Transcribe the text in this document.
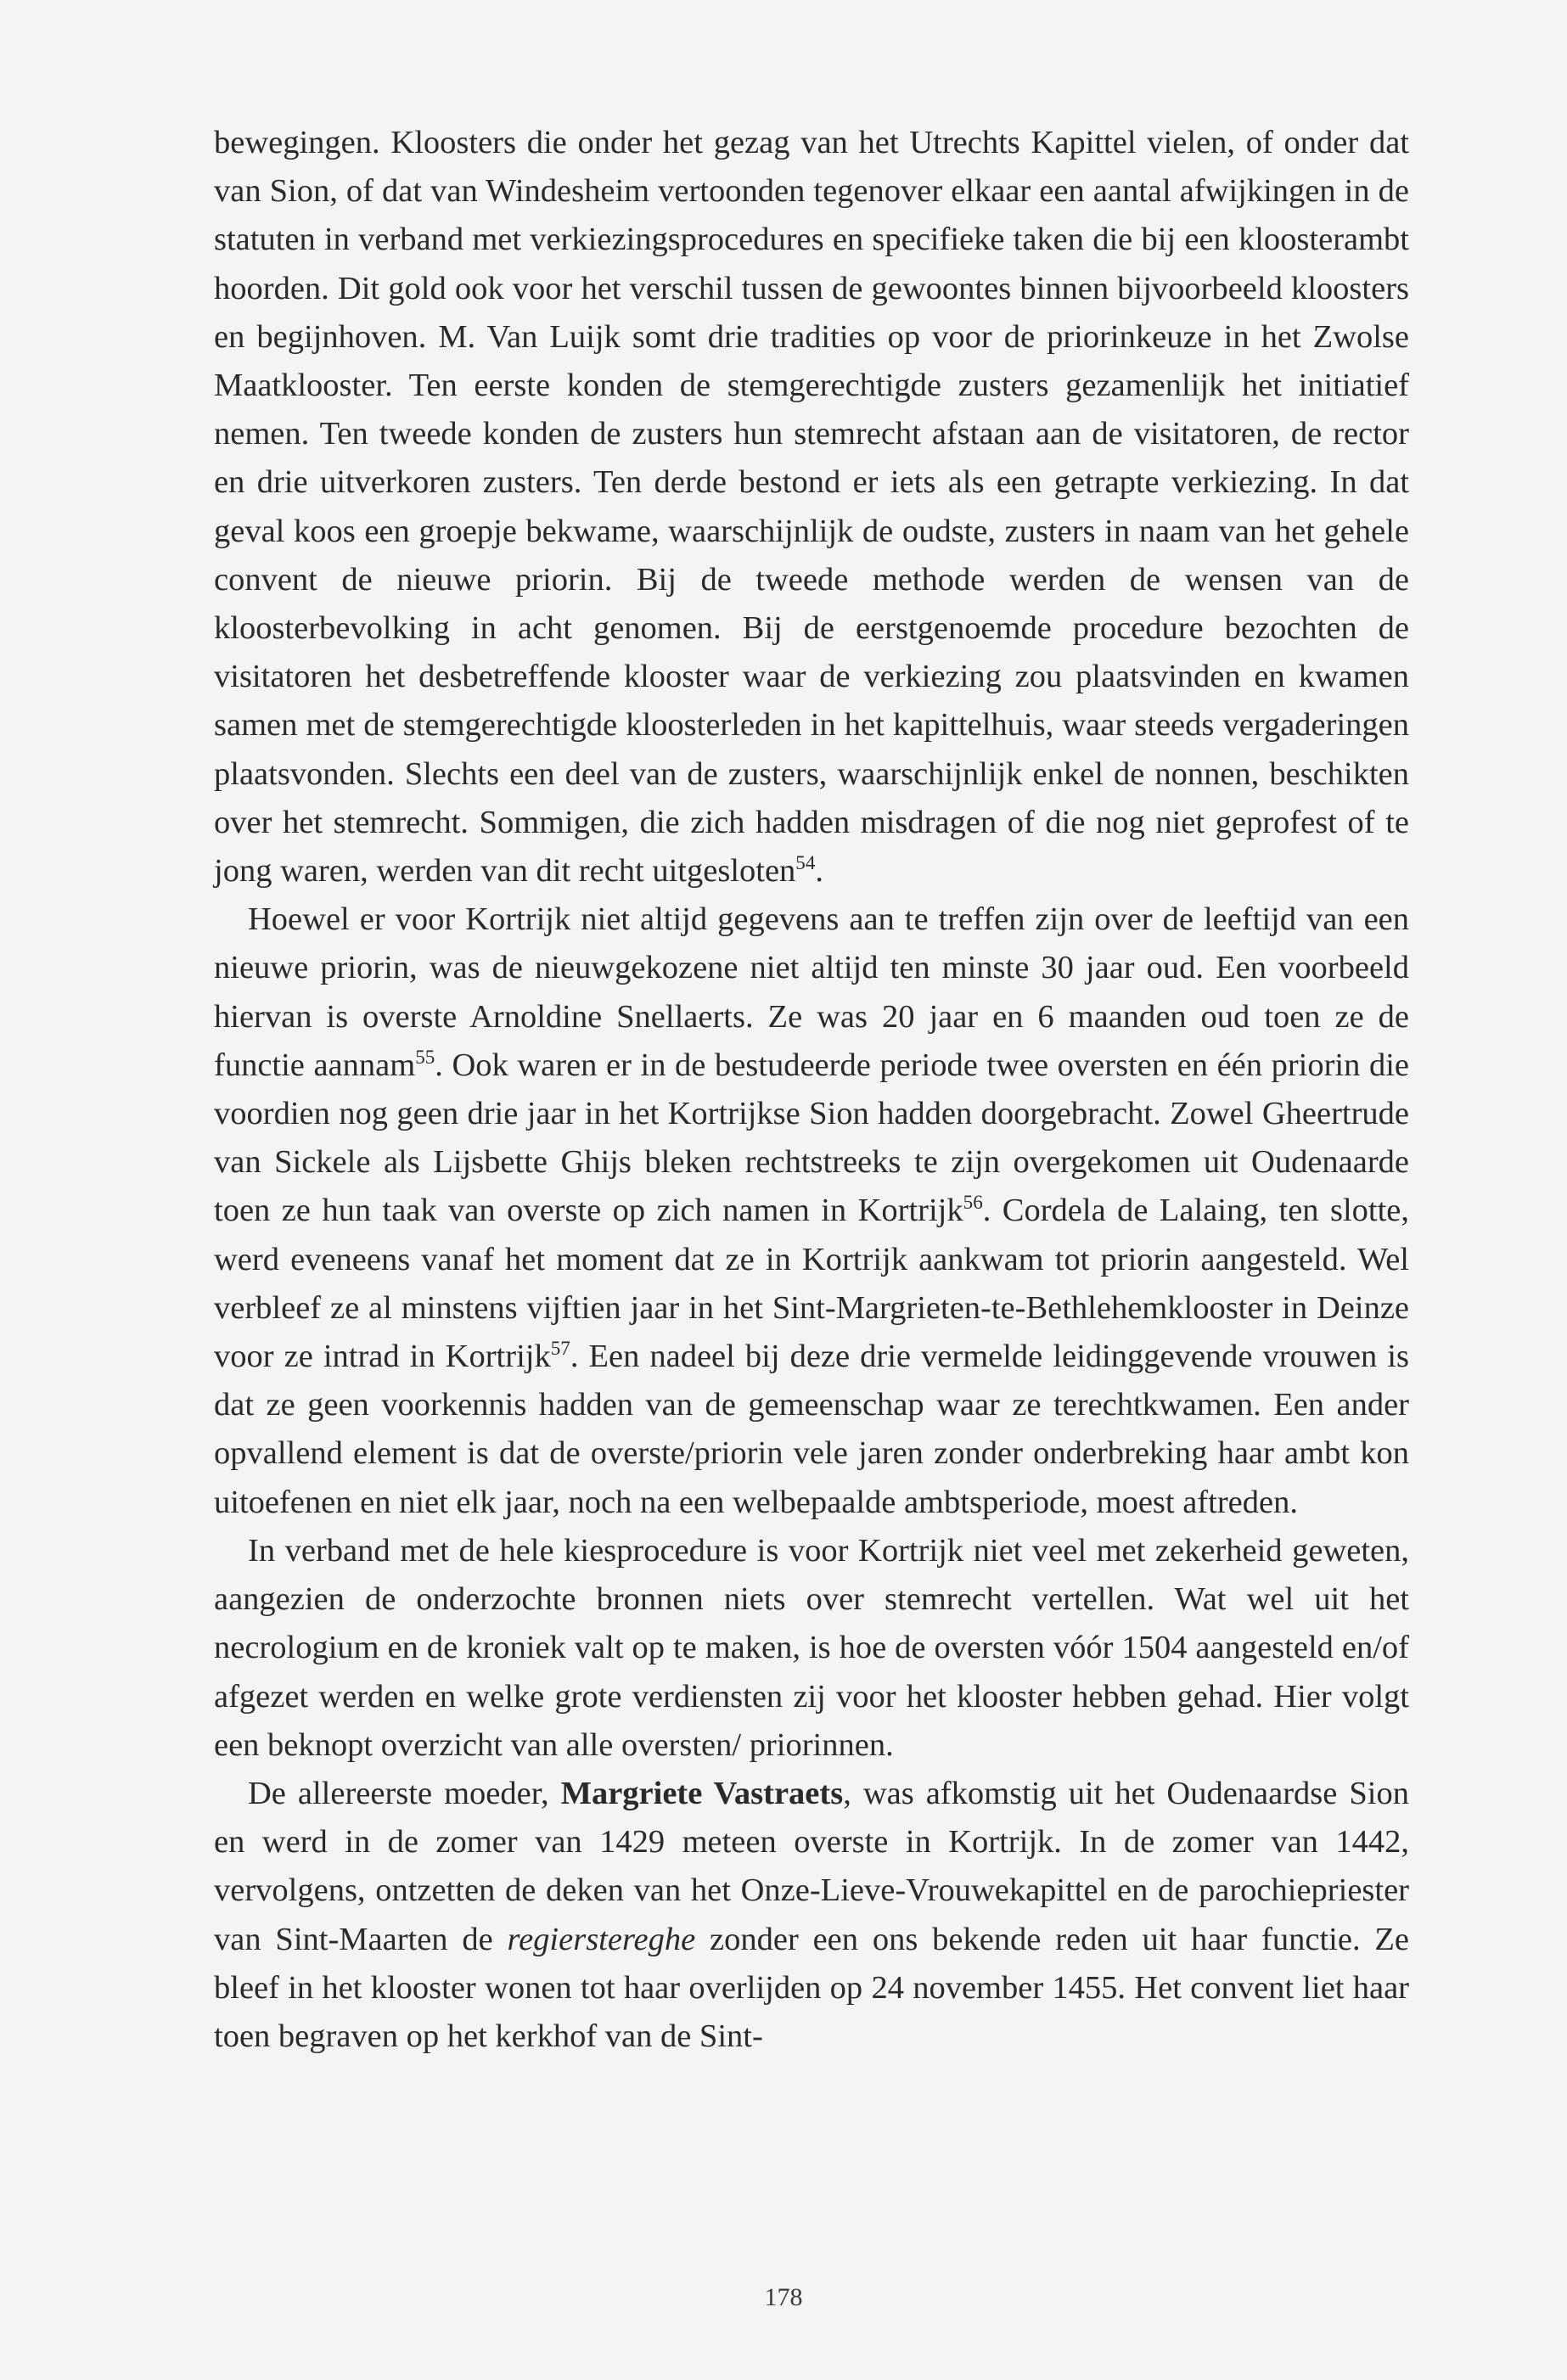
bewegingen. Kloosters die onder het gezag van het Utrechts Kapittel vielen, of onder dat van Sion, of dat van Windesheim vertoonden tegenover elkaar een aantal afwijkingen in de statuten in verband met verkiezingsprocedures en specifieke taken die bij een kloosterambt hoorden. Dit gold ook voor het verschil tussen de gewoontes binnen bijvoorbeeld kloosters en begijnhoven. M. Van Luijk somt drie tradities op voor de priorinkeuze in het Zwolse Maatklooster. Ten eerste konden de stemgerechtigde zusters gezamenlijk het initiatief nemen. Ten tweede konden de zusters hun stemrecht afstaan aan de visitatoren, de rector en drie uitverkoren zusters. Ten derde bestond er iets als een getrapte verkiezing. In dat geval koos een groepje bekwame, waarschijnlijk de oudste, zusters in naam van het gehele convent de nieuwe priorin. Bij de tweede methode werden de wensen van de kloosterbevolking in acht genomen. Bij de eerstgenoemde procedure bezochten de visitatoren het desbetreffende klooster waar de verkiezing zou plaatsvinden en kwamen samen met de stemgerechtigde kloosterleden in het kapittelhuis, waar steeds vergaderingen plaatsvonden. Slechts een deel van de zusters, waarschijnlijk enkel de nonnen, beschikten over het stemrecht. Sommigen, die zich hadden misdragen of die nog niet geprofest of te jong waren, werden van dit recht uitgesloten$^{54}$.

Hoewel er voor Kortrijk niet altijd gegevens aan te treffen zijn over de leeftijd van een nieuwe priorin, was de nieuwgekozene niet altijd ten minste 30 jaar oud. Een voorbeeld hiervan is overste Arnoldine Snellaerts. Ze was 20 jaar en 6 maanden oud toen ze de functie aannam$^{55}$. Ook waren er in de bestudeerde periode twee oversten en één priorin die voordien nog geen drie jaar in het Kortrijkse Sion hadden doorgebracht. Zowel Gheertrude van Sickele als Lijsbette Ghijs bleken rechtstreeks te zijn overgekomen uit Oudenaarde toen ze hun taak van overste op zich namen in Kortrijk$^{56}$. Cordela de Lalaing, ten slotte, werd eveneens vanaf het moment dat ze in Kortrijk aankwam tot priorin aangesteld. Wel verbleef ze al minstens vijftien jaar in het Sint-Margrieten-te-Bethlehemklooster in Deinze voor ze intrad in Kortrijk$^{57}$. Een nadeel bij deze drie vermelde leidinggevende vrouwen is dat ze geen voorkennis hadden van de gemeenschap waar ze terechtkwamen. Een ander opvallend element is dat de overste/priorin vele jaren zonder onderbreking haar ambt kon uitoefenen en niet elk jaar, noch na een welbepaalde ambtsperiode, moest aftreden.

In verband met de hele kiesprocedure is voor Kortrijk niet veel met zekerheid geweten, aangezien de onderzochte bronnen niets over stemrecht vertellen. Wat wel uit het necrologium en de kroniek valt op te maken, is hoe de oversten vóór 1504 aangesteld en/of afgezet werden en welke grote verdiensten zij voor het klooster hebben gehad. Hier volgt een beknopt overzicht van alle oversten/ priorinnen.

De allereerste moeder, Margriete Vastraets, was afkomstig uit het Oudenaardse Sion en werd in de zomer van 1429 meteen overste in Kortrijk. In de zomer van 1442, vervolgens, ontzetten de deken van het Onze-Lieve-Vrouwekapittel en de parochiepriester van Sint-Maarten de regierstereghe zonder een ons bekende reden uit haar functie. Ze bleef in het klooster wonen tot haar overlijden op 24 november 1455. Het convent liet haar toen begraven op het kerkhof van de Sint-

178
